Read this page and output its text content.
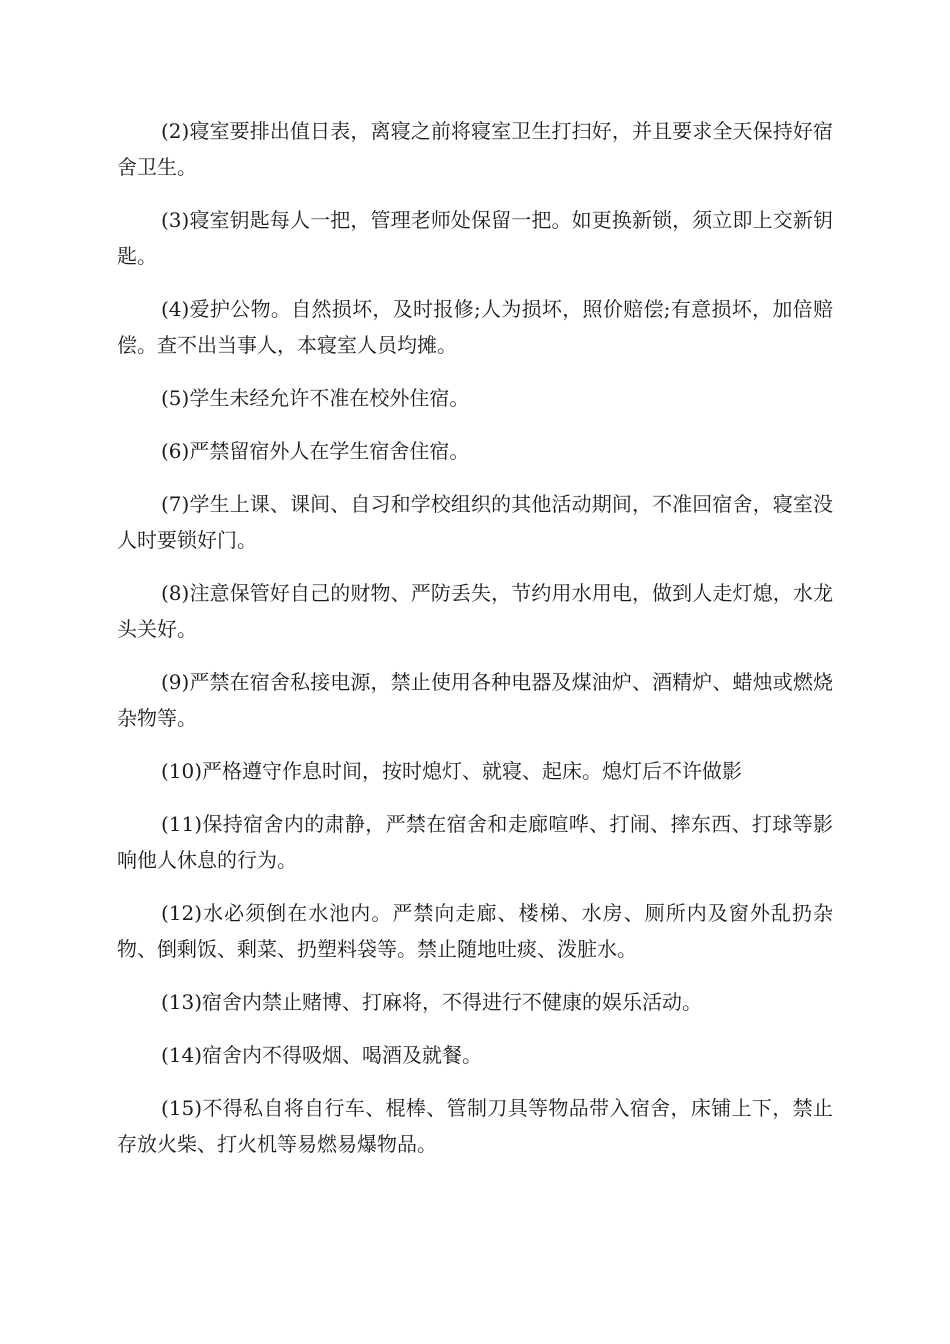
(2)寝室要排出值日表，离寝之前将寝室卫生打扫好，并且要求全天保持好宿舍卫生。

(3)寝室钥匙每人一把，管理老师处保留一把。如更换新锁，须立即上交新钥匙。

(4)爱护公物。自然损坏，及时报修;人为损坏，照价赔偿;有意损坏，加倍赔偿。查不出当事人，本寝室人员均摊。

(5)学生未经允许不准在校外住宿。

(6)严禁留宿外人在学生宿舍住宿。

(7)学生上课、课间、自习和学校组织的其他活动期间，不准回宿舍，寝室没人时要锁好门。

(8)注意保管好自己的财物、严防丢失，节约用水用电，做到人走灯熄，水龙头关好。

(9)严禁在宿舍私接电源，禁止使用各种电器及煤油炉、酒精炉、蜡烛或燃烧杂物等。

(10)严格遵守作息时间，按时熄灯、就寝、起床。熄灯后不许做影

(11)保持宿舍内的肃静，严禁在宿舍和走廊喧哗、打闹、摔东西、打球等影响他人休息的行为。

(12)水必须倒在水池内。严禁向走廊、楼梯、水房、厕所内及窗外乱扔杂物、倒剩饭、剩菜、扔塑料袋等。禁止随地吐痰、泼脏水。

(13)宿舍内禁止赌博、打麻将，不得进行不健康的娱乐活动。

(14)宿舍内不得吸烟、喝酒及就餐。

(15)不得私自将自行车、棍棒、管制刀具等物品带入宿舍，床铺上下，禁止存放火柴、打火机等易燃易爆物品。
